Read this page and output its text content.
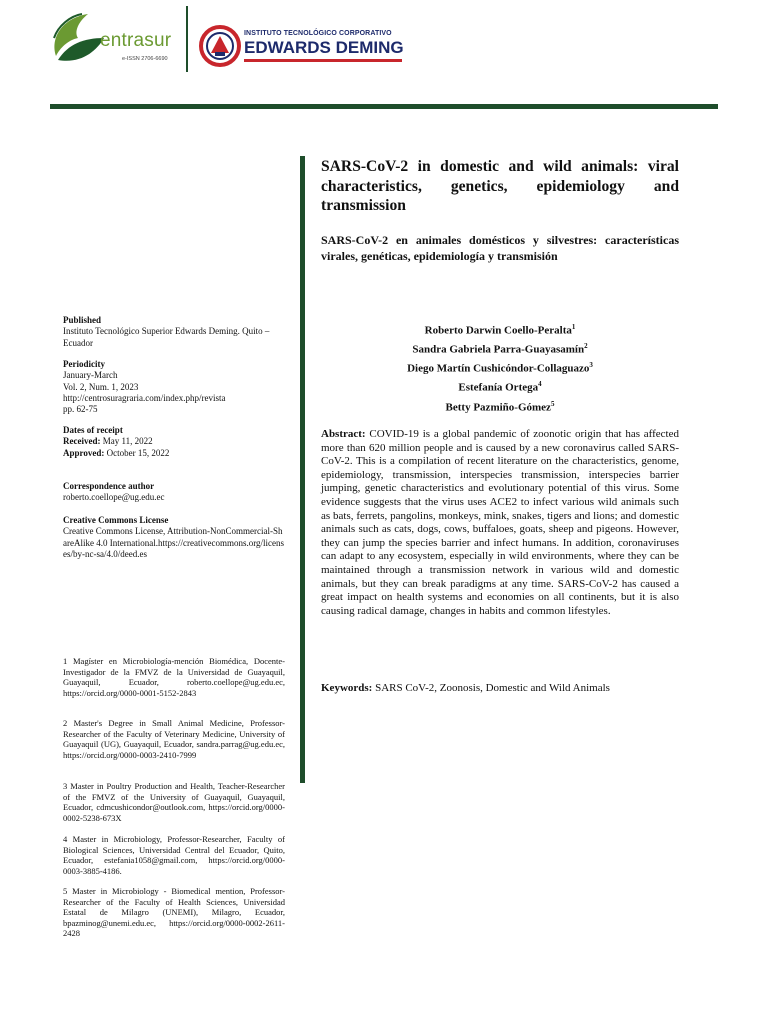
entrasur
e-ISSN 2706-6690
INSTITUTO TECNOLÓGICO CORPORATIVO
EDWARDS DEMING
SARS-CoV-2 in domestic and wild animals: viral characteristics, genetics, epidemiology and transmission
SARS-CoV-2 en animales domésticos y silvestres: características virales, genéticas, epidemiología y transmisión
Roberto Darwin Coello-Peralta$^1$
Sandra Gabriela Parra-Guayasamín$^2$
Diego Martín Cushicóndor-Collaguazo$^3$
Estefanía Ortega$^4$
Betty Pazmiño-Gómez$^5$
Abstract: COVID-19 is a global pandemic of zoonotic origin that has affected more than 620 million people and is caused by a new coronavirus called SARS-CoV-2. This is a compilation of recent literature on the characteristics, genome, epidemiology, transmission, interspecies transmission, interspecies barrier jumping, genetic characteristics and evolutionary potential of this virus. Some evidence suggests that the virus uses ACE2 to infect various wild animals such as bats, ferrets, pangolins, monkeys, mink, snakes, tigers and lions; and domestic animals such as cats, dogs, cows, buffaloes, goats, sheep and pigeons. However, they can jump the species barrier and infect humans. In addition, coronaviruses can adapt to any ecosystem, especially in wild environments, where they can be maintained through a transmission network in various wild and domestic animals, but they can break paradigms at any time. SARS-CoV-2 has caused a great impact on health systems and economies on all continents, but it is also causing radical damage, changes in habits and common lifestyles.
Keywords: SARS CoV-2, Zoonosis, Domestic and Wild Animals

Published

Instituto Tecnológico Superior Edwards Deming. Quito – Ecuador

Periodicity

January-March

Vol. 2, Num. 1, 2023

http://centrosuragraria.com/index.php/revista

pp. 62-75

Dates of receipt

Received: May 11, 2022

Approved: October 15, 2022

Correspondence author

roberto.coellope@ug.edu.ec

Creative Commons License

Creative Commons License, Attribution-NonCommercial-ShareAlike 4.0 International.https://creativecommons.org/licenses/by-nc-sa/4.0/deed.es

1 Magíster en Microbiología-mención Biomédica, Docente-Investigador de la FMVZ de la Universidad de Guayaquil, Guayaquil, Ecuador, roberto.coellope@ug.edu.ec, https://orcid.org/0000-0001-5152-2843

2 Master's Degree in Small Animal Medicine, Professor-Researcher of the Faculty of Veterinary Medicine, University of Guayaquil (UG), Guayaquil, Ecuador, sandra.parrag@ug.edu.ec, https://orcid.org/0000-0003-2410-7999

3 Master in Poultry Production and Health, Teacher-Researcher of the FMVZ of the University of Guayaquil, Guayaquil, Ecuador, cdmcushicondor@outlook.com, https://orcid.org/0000-0002-5238-673X

4 Master in Microbiology, Professor-Researcher, Faculty of Biological Sciences, Universidad Central del Ecuador, Quito, Ecuador, estefania1058@gmail.com, https://orcid.org/0000-0003-3885-4186.

5 Master in Microbiology - Biomedical mention, Professor-Researcher of the Faculty of Health Sciences, Universidad Estatal de Milagro (UNEMI), Milagro, Ecuador, bpazminog@unemi.edu.ec, https://orcid.org/0000-0002-2611-2428
